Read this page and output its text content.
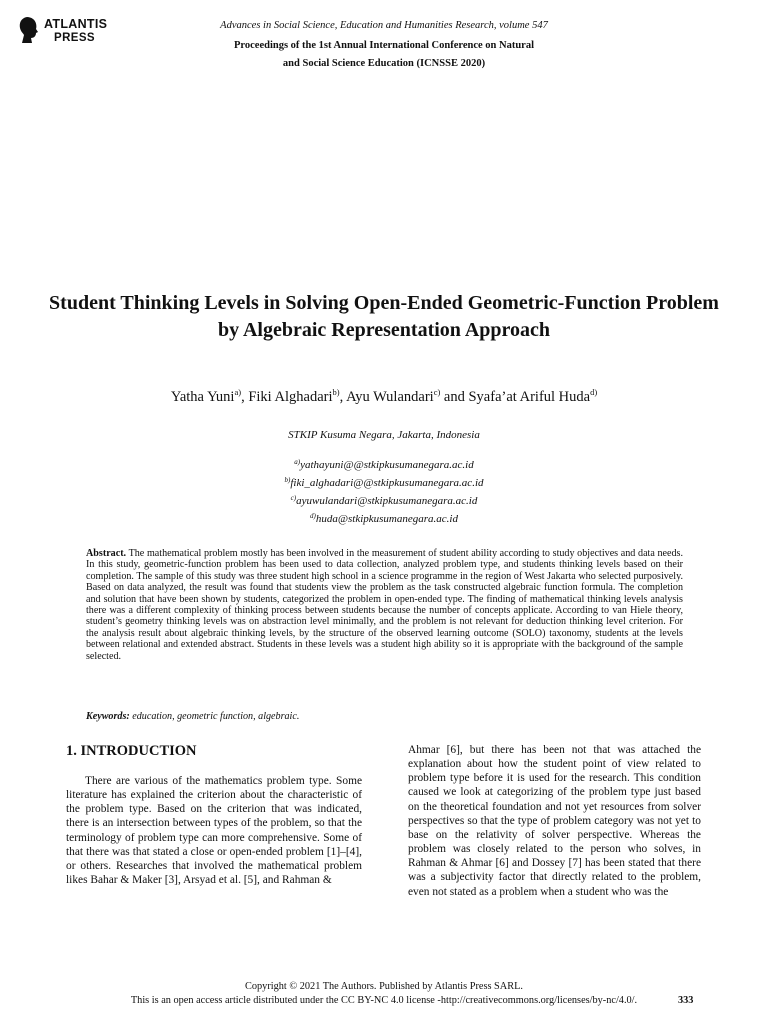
ATLANTIS
PRESS
Advances in Social Science, Education and Humanities Research, volume 547
Proceedings of the 1st Annual International Conference on Natural
and Social Science Education (ICNSSE 2020)
Student Thinking Levels in Solving Open-Ended Geometric-Function Problem by Algebraic Representation Approach
Yatha Yuni$^{a)}$, Fiki Alghadari$^{b)}$, Ayu Wulandari$^{c)}$ and Syafa’at Ariful Huda$^{d)}$
STKIP Kusuma Negara, Jakarta, Indonesia
$^{a)}$yathayuni@@stkipkusumanegara.ac.id
$^{b)}$fiki_alghadari@@stkipkusumanegara.ac.id
$^{c)}$ayuwulandari@stkipkusumanegara.ac.id
$^{d)}$huda@stkipkusumanegara.ac.id
Abstract. The mathematical problem mostly has been involved in the measurement of student ability according to study objectives and data needs. In this study, geometric-function problem has been used to data collection, analyzed problem type, and students thinking levels based on their completion. The sample of this study was three student high school in a science programme in the region of West Jakarta who selected purposively. Based on data analyzed, the result was found that students view the problem as the task constructed algebraic function formula. The completion and solution that have been shown by students, categorized the problem in open-ended type. The finding of mathematical thinking levels analysis there was a different complexity of thinking process between students because the number of concepts applicate. According to van Hiele theory, student’s geometry thinking levels was on abstraction level minimally, and the problem is not relevant for deduction thinking level criterion. For the analysis result about algebraic thinking levels, by the structure of the observed learning outcome (SOLO) taxonomy, students at the levels between relational and extended abstract. Students in these levels was a student high ability so it is appropriate with the background of the sample selected.
Keywords: education, geometric function, algebraic.
1. INTRODUCTION
There are various of the mathematics problem type. Some literature has explained the criterion about the characteristic of the problem type. Based on the criterion that was indicated, there is an intersection between types of the problem, so that the terminology of problem type can more comprehensive. Some of that there was that stated a close or open-ended problem [1]–[4], or others. Researches that involved the mathematical problem likes Bahar & Maker [3], Arsyad et al. [5], and Rahman &
Ahmar [6], but there has been not that was attached the explanation about how the student point of view related to problem type before it is used for the research. This condition caused we look at categorizing of the problem type just based on the theoretical foundation and not yet resources from solver perspectives so that the type of problem category was not yet to base on the relativity of solver perspective. Whereas the problem was closely related to the person who solves, in Rahman & Ahmar [6] and Dossey [7] has been stated that there was a subjectivity factor that directly related to the problem, even not stated as a problem when a student who was the
Copyright © 2021 The Authors. Published by Atlantis Press SARL.
This is an open access article distributed under the CC BY-NC 4.0 license -http://creativecommons.org/licenses/by-nc/4.0/.	333
